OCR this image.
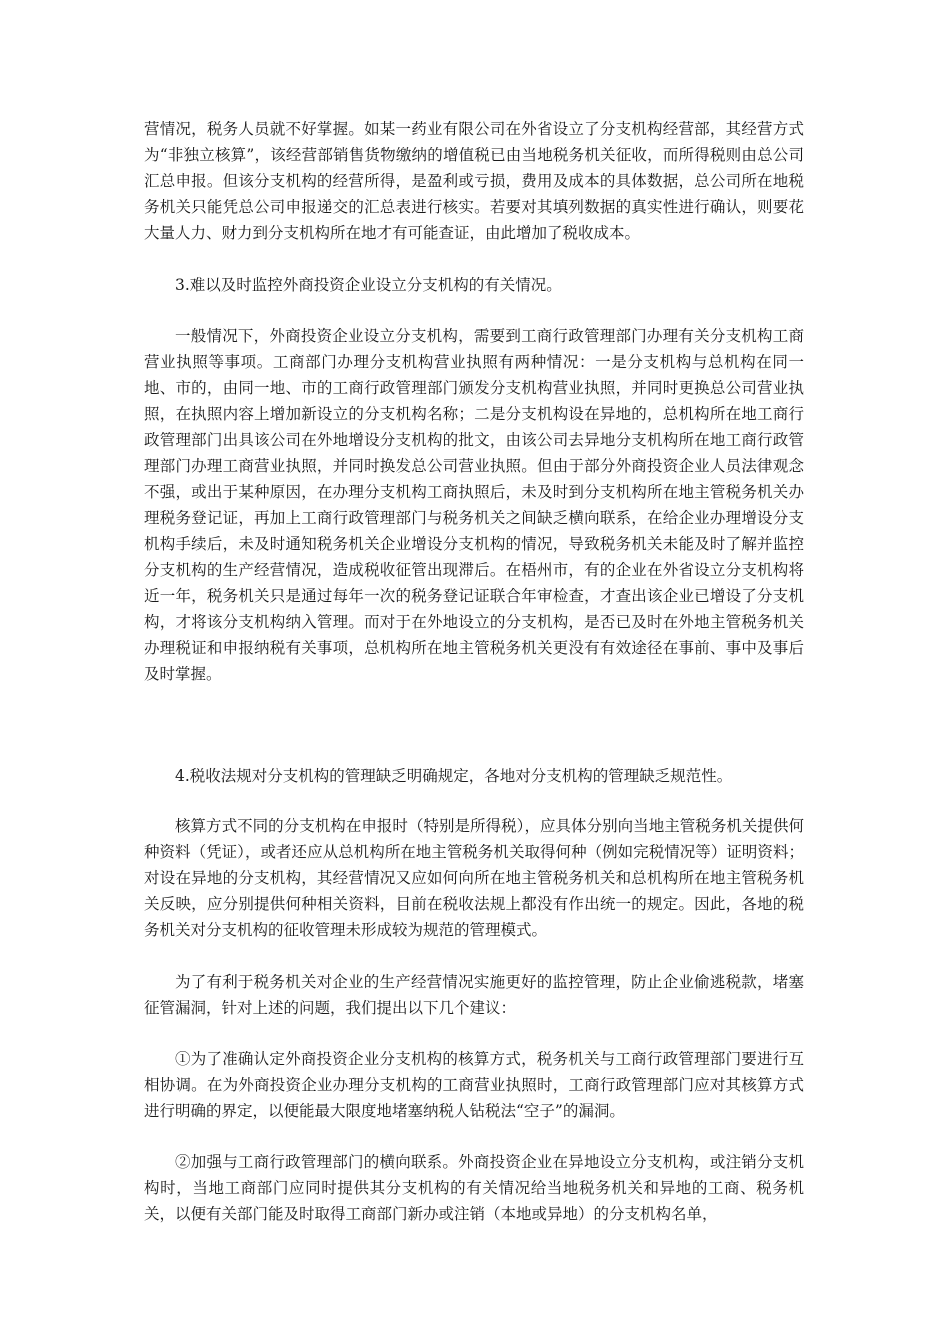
营情况，税务人员就不好掌握。如某一药业有限公司在外省设立了分支机构经营部，其经营方式为“非独立核算”，该经营部销售货物缴纳的增值税已由当地税务机关征收，而所得税则由总公司汇总申报。但该分支机构的经营所得，是盈利或亏损，费用及成本的具体数据，总公司所在地税务机关只能凭总公司申报递交的汇总表进行核实。若要对其填列数据的真实性进行确认，则要花大量人力、财力到分支机构所在地才有可能查证，由此增加了税收成本。

3.难以及时监控外商投资企业设立分支机构的有关情况。

一般情况下，外商投资企业设立分支机构，需要到工商行政管理部门办理有关分支机构工商营业执照等事项。工商部门办理分支机构营业执照有两种情况：一是分支机构与总机构在同一地、市的，由同一地、市的工商行政管理部门颁发分支机构营业执照，并同时更换总公司营业执照，在执照内容上增加新设立的分支机构名称；二是分支机构设在异地的，总机构所在地工商行政管理部门出具该公司在外地增设分支机构的批文，由该公司去异地分支机构所在地工商行政管理部门办理工商营业执照，并同时换发总公司营业执照。但由于部分外商投资企业人员法律观念不强，或出于某种原因，在办理分支机构工商执照后，未及时到分支机构所在地主管税务机关办理税务登记证，再加上工商行政管理部门与税务机关之间缺乏横向联系，在给企业办理增设分支机构手续后，未及时通知税务机关企业增设分支机构的情况，导致税务机关未能及时了解并监控分支机构的生产经营情况，造成税收征管出现滞后。在梧州市，有的企业在外省设立分支机构将近一年，税务机关只是通过每年一次的税务登记证联合年审检查，才查出该企业已增设了分支机构，才将该分支机构纳入管理。而对于在外地设立的分支机构，是否已及时在外地主管税务机关办理税证和申报纳税有关事项，总机构所在地主管税务机关更没有有效途径在事前、事中及事后及时掌握。

4.税收法规对分支机构的管理缺乏明确规定，各地对分支机构的管理缺乏规范性。

核算方式不同的分支机构在申报时（特别是所得税），应具体分别向当地主管税务机关提供何种资料（凭证），或者还应从总机构所在地主管税务机关取得何种（例如完税情况等）证明资料；对设在异地的分支机构，其经营情况又应如何向所在地主管税务机关和总机构所在地主管税务机关反映，应分别提供何种相关资料，目前在税收法规上都没有作出统一的规定。因此，各地的税务机关对分支机构的征收管理未形成较为规范的管理模式。

为了有利于税务机关对企业的生产经营情况实施更好的监控管理，防止企业偷逃税款，堵塞征管漏洞，针对上述的问题，我们提出以下几个建议：

①为了准确认定外商投资企业分支机构的核算方式，税务机关与工商行政管理部门要进行互相协调。在为外商投资企业办理分支机构的工商营业执照时，工商行政管理部门应对其核算方式进行明确的界定，以便能最大限度地堵塞纳税人钻税法“空子”的漏洞。

②加强与工商行政管理部门的横向联系。外商投资企业在异地设立分支机构，或注销分支机构时，当地工商部门应同时提供其分支机构的有关情况给当地税务机关和异地的工商、税务机关，以便有关部门能及时取得工商部门新办或注销（本地或异地）的分支机构名单，
